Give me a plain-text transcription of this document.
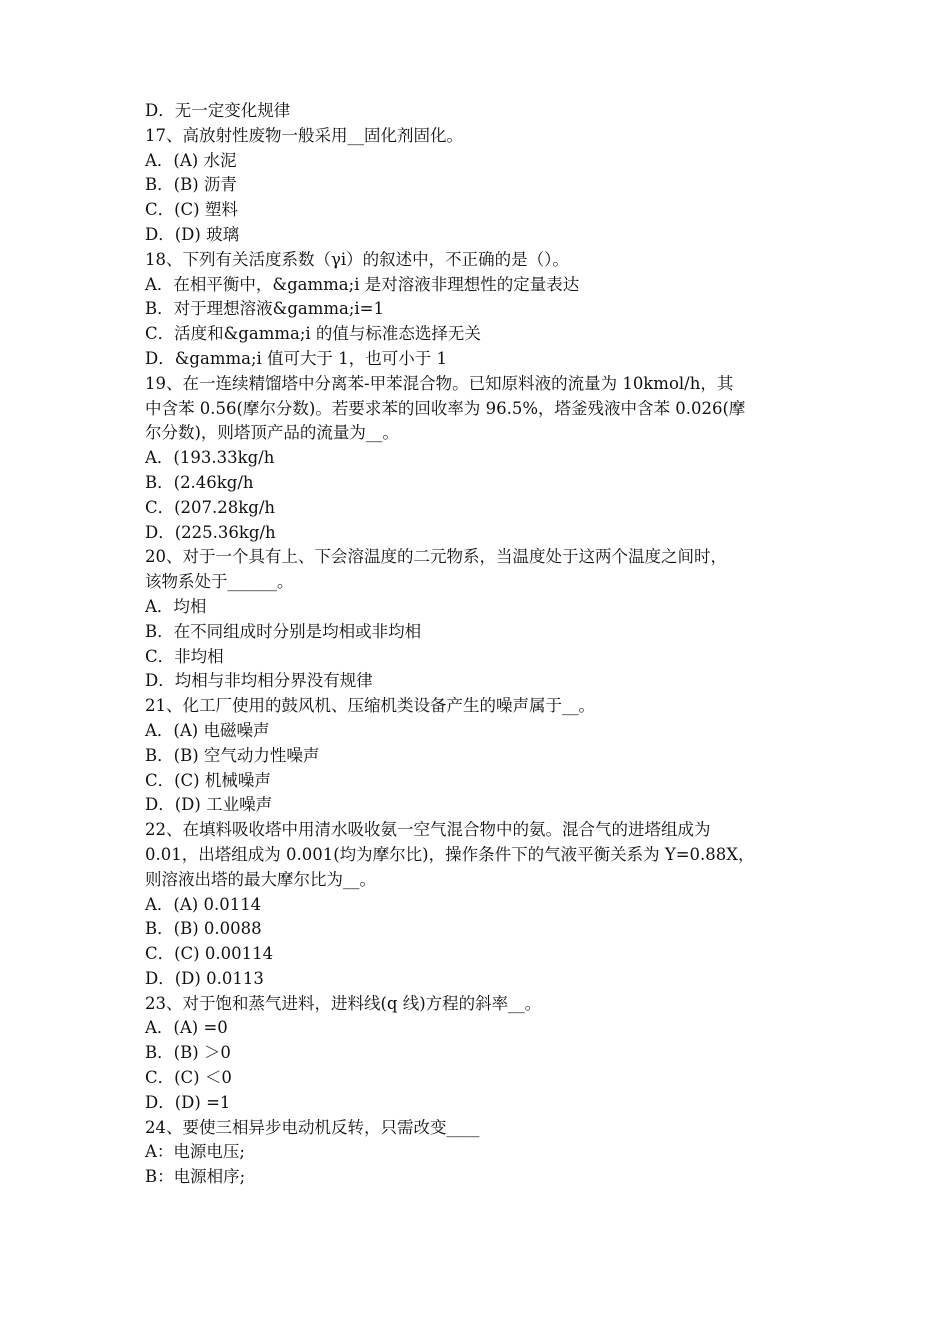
D．无一定变化规律
17、高放射性废物一般采用__固化剂固化。
A．(A) 水泥
B．(B) 沥青
C．(C) 塑料
D．(D) 玻璃
18、下列有关活度系数（γi）的叙述中，不正确的是（）。
A．在相平衡中，&gamma;i 是对溶液非理想性的定量表达
B．对于理想溶液&gamma;i=1
C．活度和&gamma;i 的值与标准态选择无关
D．&gamma;i 值可大于 1，也可小于 1
19、在一连续精馏塔中分离苯-甲苯混合物。已知原料液的流量为 10kmol/h，其
中含苯 0.56(摩尔分数)。若要求苯的回收率为 96.5%，塔釜残液中含苯 0.026(摩
尔分数)，则塔顶产品的流量为__。
A．(193.33kg/h
B．(2.46kg/h
C．(207.28kg/h
D．(225.36kg/h
20、对于一个具有上、下会溶温度的二元物系，当温度处于这两个温度之间时，
该物系处于______。
A．均相
B．在不同组成时分别是均相或非均相
C．非均相
D．均相与非均相分界没有规律
21、化工厂使用的鼓风机、压缩机类设备产生的噪声属于__。
A．(A) 电磁噪声
B．(B) 空气动力性噪声
C．(C) 机械噪声
D．(D) 工业噪声
22、在填料吸收塔中用清水吸收氨一空气混合物中的氨。混合气的进塔组成为
0.01，出塔组成为 0.001(均为摩尔比)，操作条件下的气液平衡关系为 Y=0.88X，
则溶液出塔的最大摩尔比为__。
A．(A) 0.0114
B．(B) 0.0088
C．(C) 0.00114
D．(D) 0.0113
23、对于饱和蒸气进料，进料线(q 线)方程的斜率__。
A．(A) =0
B．(B) ＞0
C．(C) ＜0
D．(D) =1
24、要使三相异步电动机反转，只需改变____
A：电源电压;
B：电源相序;
